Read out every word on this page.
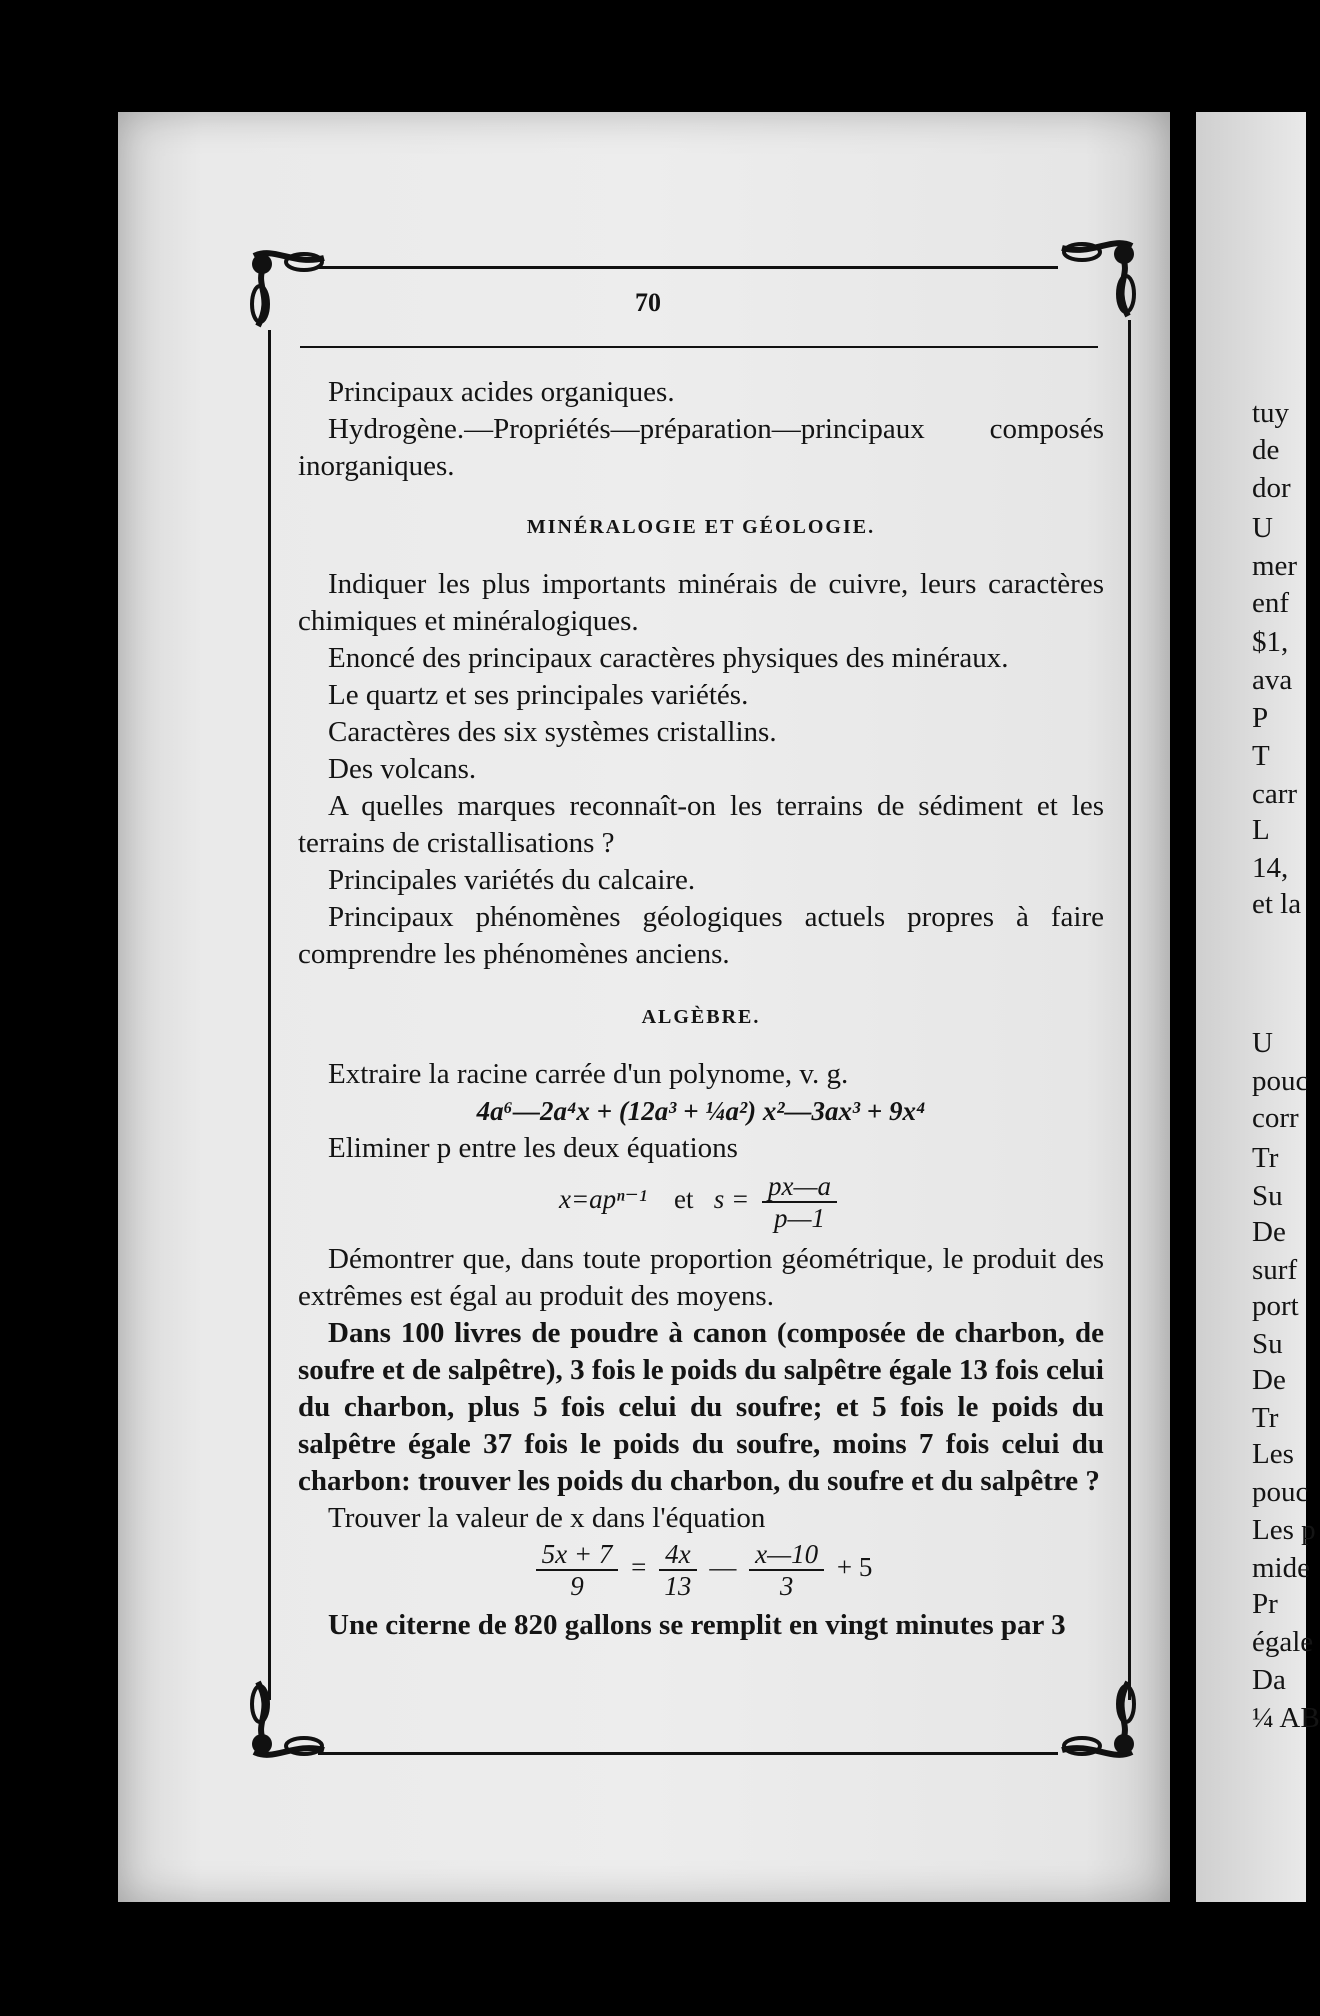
70

Principaux acides organiques.

Hydrogène.—Propriétés—préparation—principaux composés inorganiques.

MINÉRALOGIE ET GÉOLOGIE.

Indiquer les plus importants minérais de cuivre, leurs caractères chimiques et minéralogiques.

Enoncé des principaux caractères physiques des minéraux.

Le quartz et ses principales variétés.

Caractères des six systèmes cristallins.

Des volcans.

A quelles marques reconnaît-on les terrains de sédiment et les terrains de cristallisations ?

Principales variétés du calcaire.

Principaux phénomènes géologiques actuels propres à faire comprendre les phénomènes anciens.

ALGÈBRE.

Extraire la racine carrée d'un polynome, v. g.

4a⁶—2a⁴x + (12a³ + ¼a²) x²—3ax³ + 9x⁴

Eliminer p entre les deux équations

x=apⁿ⁻¹ et $s = \frac{px—a}{p—1}$

Démontrer que, dans toute proportion géométrique, le produit des extrêmes est égal au produit des moyens.

Dans 100 livres de poudre à canon (composée de charbon, de soufre et de salpêtre), 3 fois le poids du salpêtre égale 13 fois celui du charbon, plus 5 fois celui du soufre; et 5 fois le poids du salpêtre égale 37 fois le poids du soufre, moins 7 fois celui du charbon: trouver les poids du charbon, du soufre et du salpêtre ?

Trouver la valeur de x dans l'équation

$\frac{5x + 7}{9} = \frac{4x}{13}$ — $\frac{x—10}{3} + 5$

Une citerne de 820 gallons se remplit en vingt minutes par 3

tuy
de
dor
U
mer
enf
$1,
ava
P
T
carr
L
14,
et la
U
pouc
corr
Tr
Su
De
surf
port
Su
De
Tr
Les
pouc
Les p
mide
Pr
égale
Da
¼ AB
